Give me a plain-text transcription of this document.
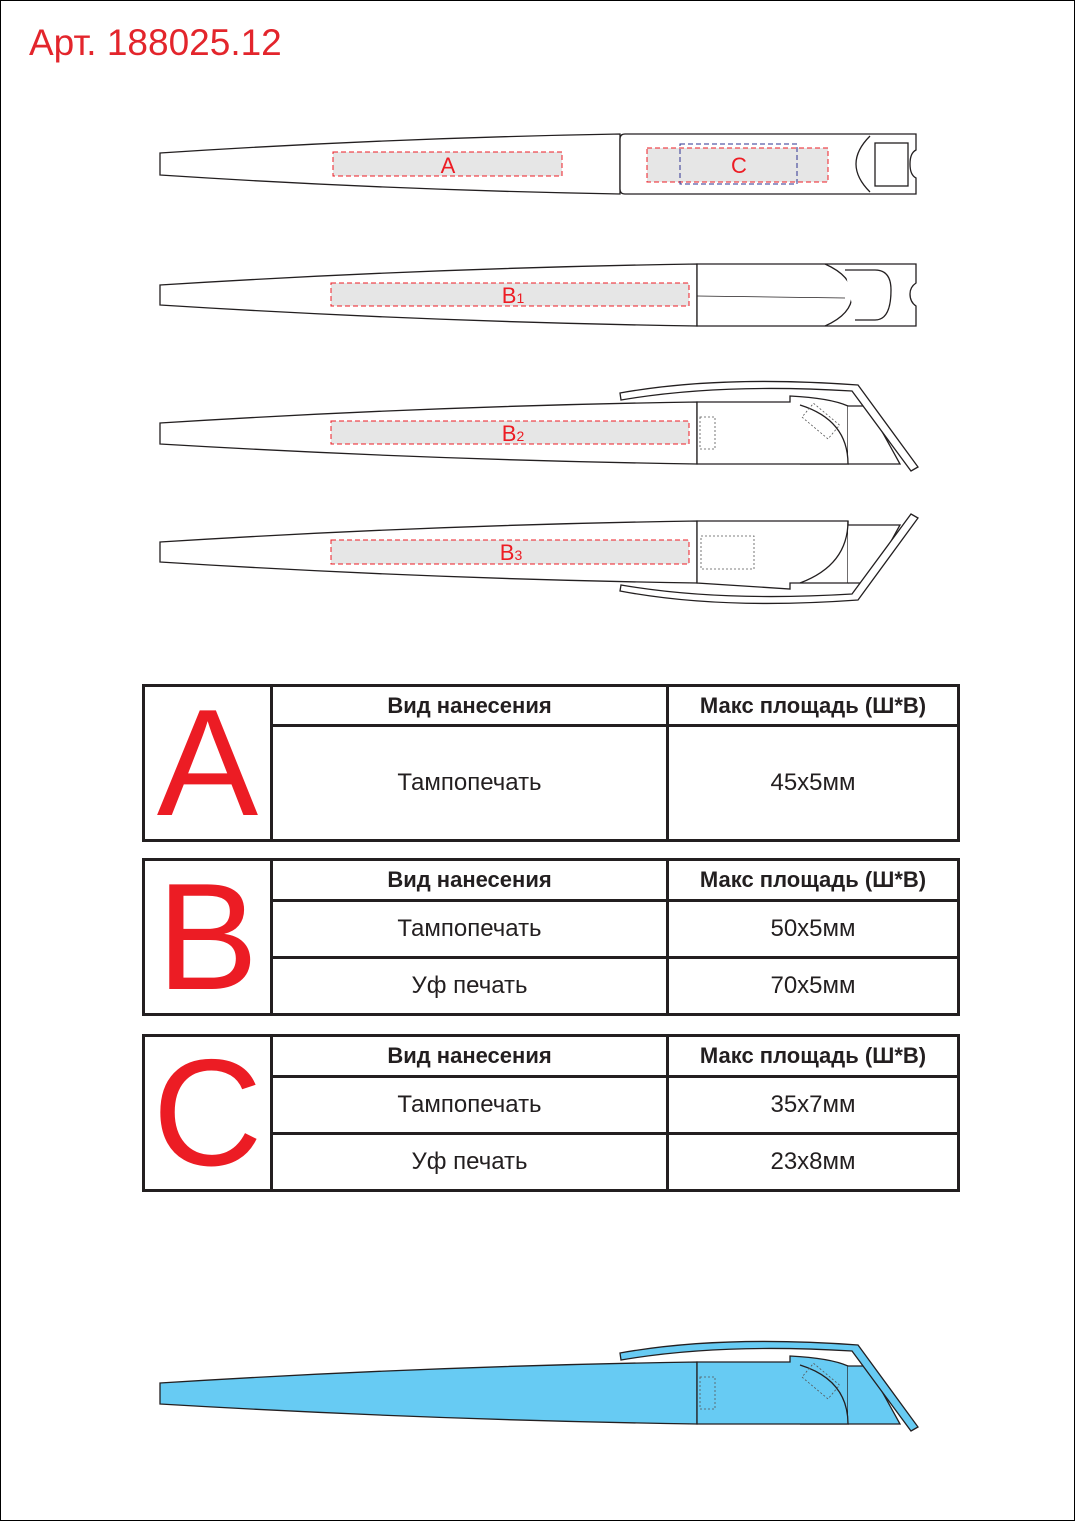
Арт. 188025.12
A	C
B1
B2
B3
A	Вид нанесения	Макс площадь (Ш*В)
	Тампопечать	45x5мм
B	Вид нанесения	Макс площадь (Ш*В)
	Тампопечать	50x5мм
	Уф печать	70x5мм
C	Вид нанесения	Макс площадь (Ш*В)
	Тампопечать	35x7мм
	Уф печать	23x8мм
